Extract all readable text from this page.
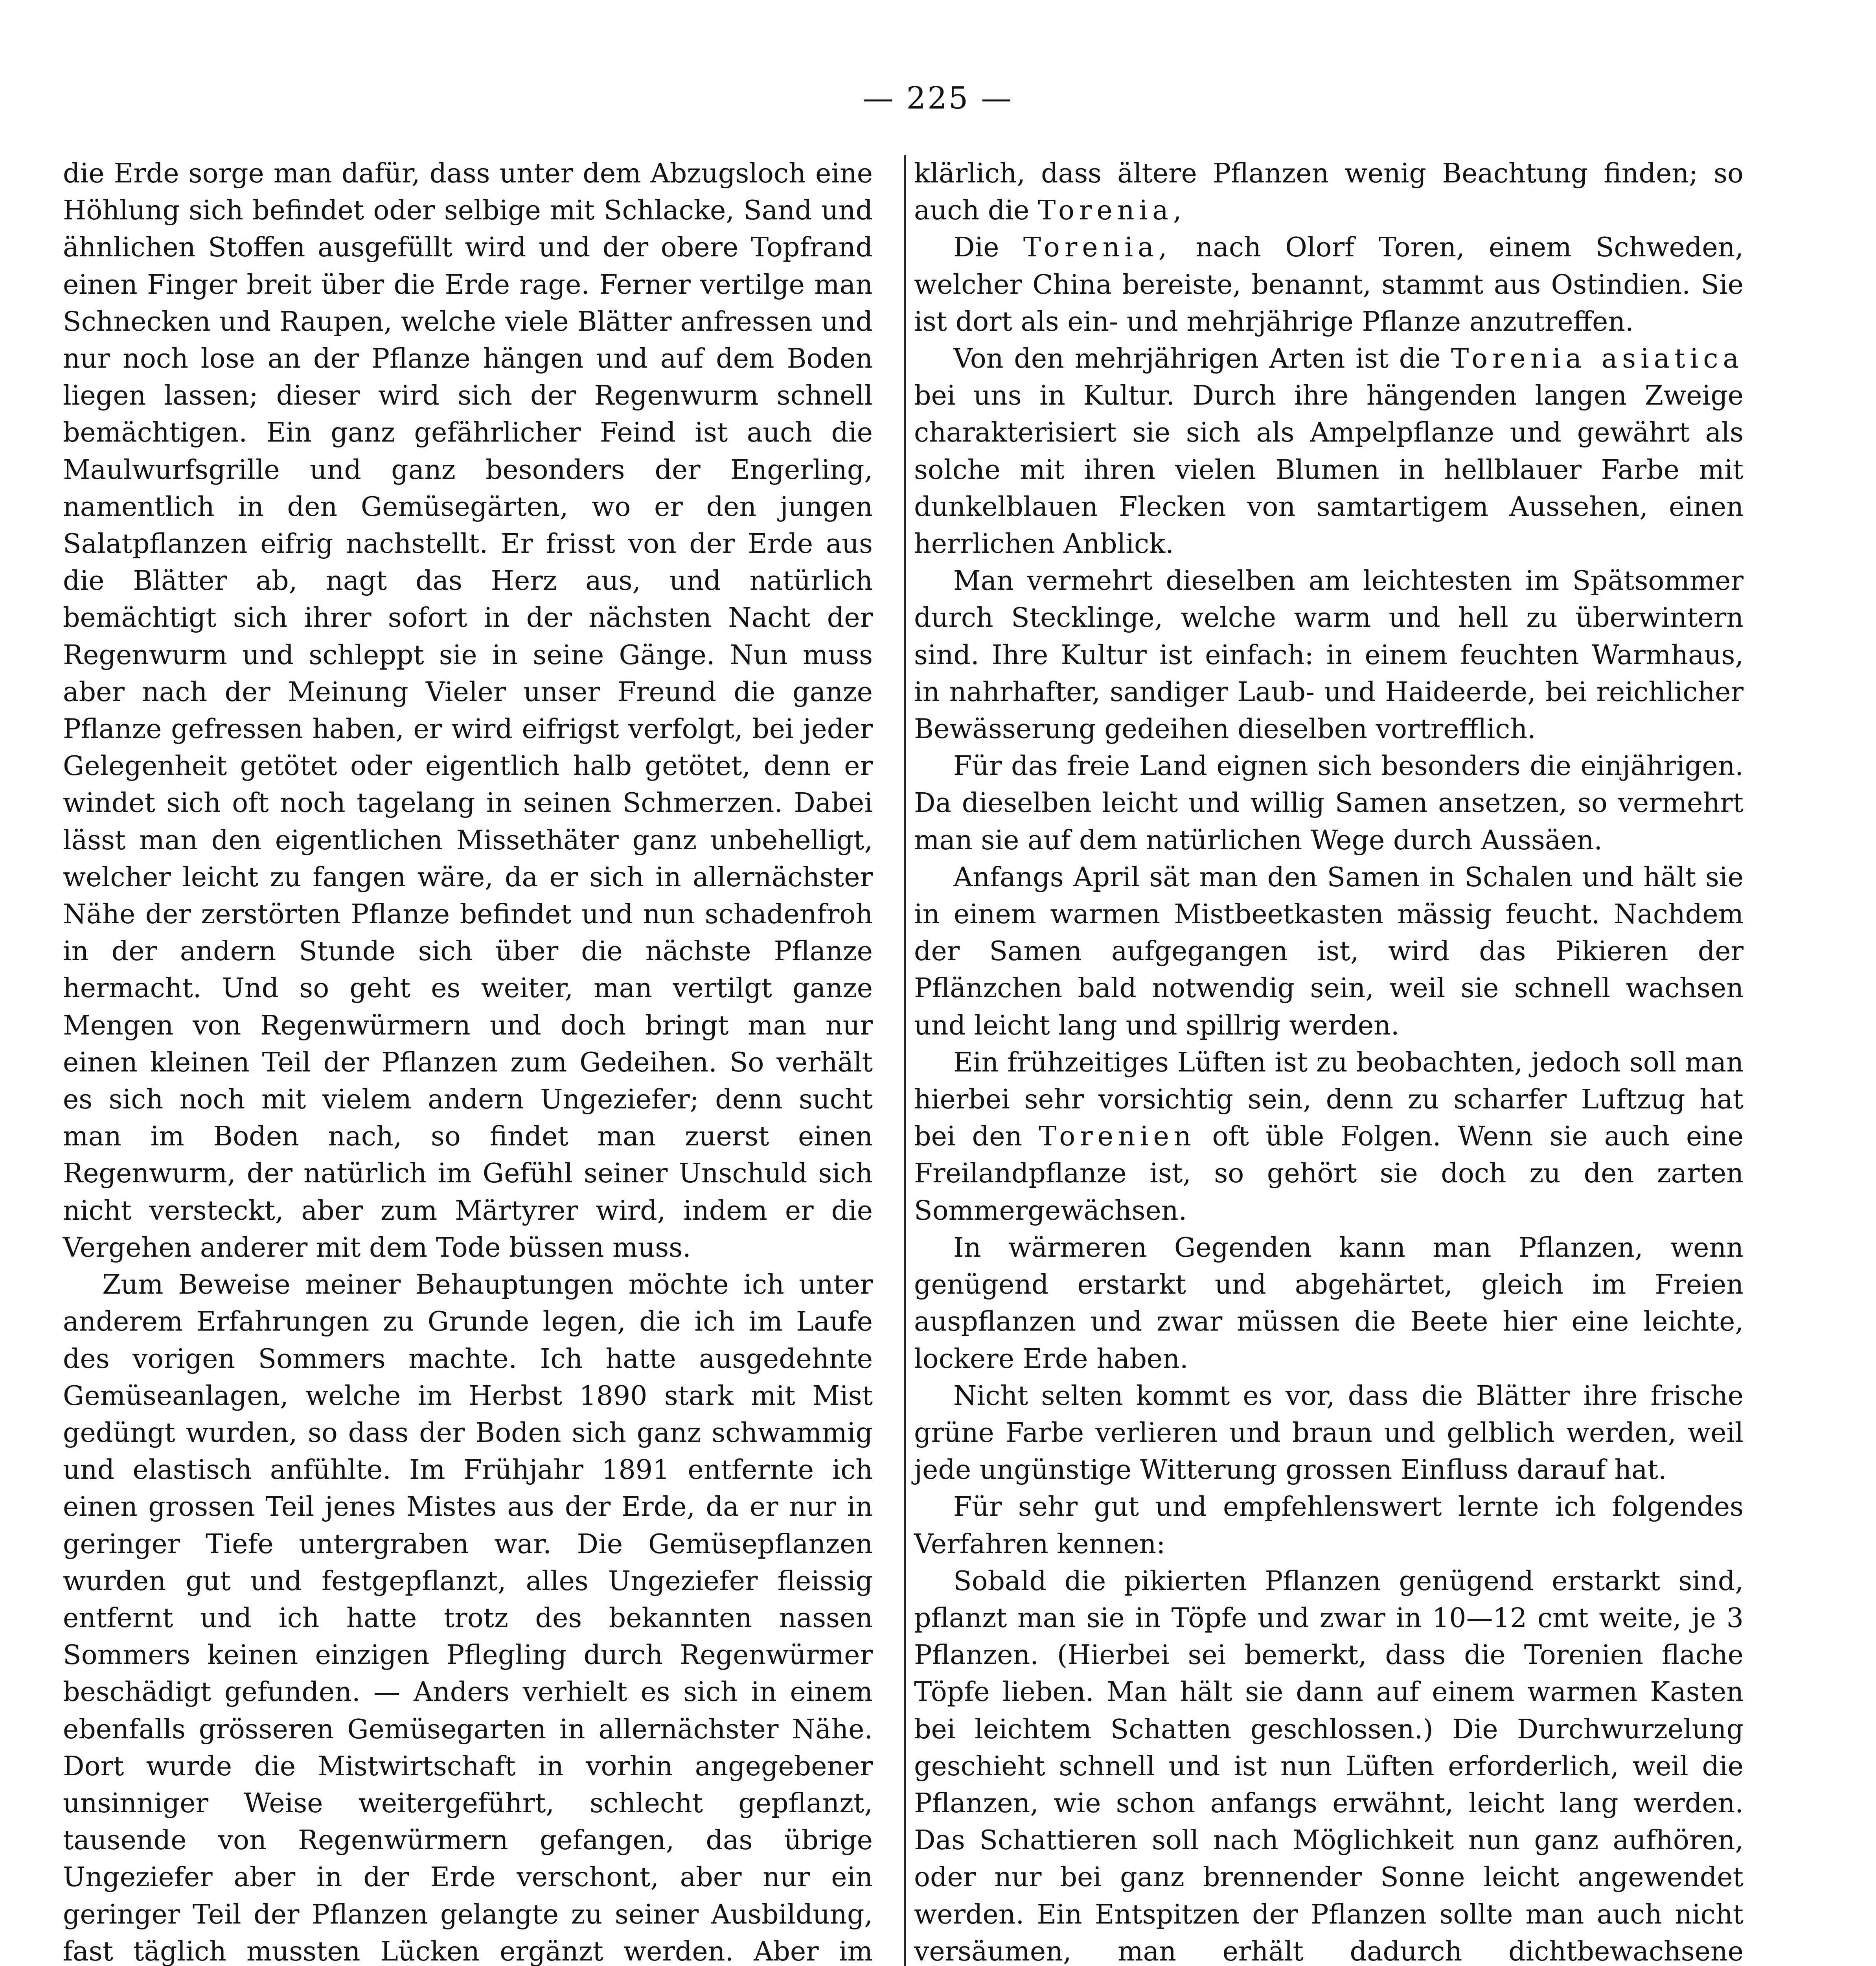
— 225 —

die Erde sorge man dafür, dass unter dem Abzugsloch eine Höhlung sich befindet oder selbige mit Schlacke, Sand und ähnlichen Stoffen ausgefüllt wird und der obere Topfrand einen Finger breit über die Erde rage. Ferner vertilge man Schnecken und Raupen, welche viele Blätter anfressen und nur noch lose an der Pflanze hängen und auf dem Boden liegen lassen; dieser wird sich der Regenwurm schnell bemächtigen. Ein ganz gefährlicher Feind ist auch die Maulwurfsgrille und ganz besonders der Engerling, namentlich in den Gemüsegärten, wo er den jungen Salatpflanzen eifrig nachstellt. Er frisst von der Erde aus die Blätter ab, nagt das Herz aus, und natürlich bemächtigt sich ihrer sofort in der nächsten Nacht der Regenwurm und schleppt sie in seine Gänge. Nun muss aber nach der Meinung Vieler unser Freund die ganze Pflanze gefressen haben, er wird eifrigst verfolgt, bei jeder Gelegenheit getötet oder eigentlich halb getötet, denn er windet sich oft noch tagelang in seinen Schmerzen. Dabei lässt man den eigentlichen Missethäter ganz unbehelligt, welcher leicht zu fangen wäre, da er sich in allernächster Nähe der zerstörten Pflanze befindet und nun schadenfroh in der andern Stunde sich über die nächste Pflanze hermacht. Und so geht es weiter, man vertilgt ganze Mengen von Regenwürmern und doch bringt man nur einen kleinen Teil der Pflanzen zum Gedeihen. So verhält es sich noch mit vielem andern Ungeziefer; denn sucht man im Boden nach, so findet man zuerst einen Regenwurm, der natürlich im Gefühl seiner Unschuld sich nicht versteckt, aber zum Märtyrer wird, indem er die Vergehen anderer mit dem Tode büssen muss.

Zum Beweise meiner Behauptungen möchte ich unter anderem Erfahrungen zu Grunde legen, die ich im Laufe des vorigen Sommers machte. Ich hatte ausgedehnte Gemüseanlagen, welche im Herbst 1890 stark mit Mist gedüngt wurden, so dass der Boden sich ganz schwammig und elastisch anfühlte. Im Frühjahr 1891 entfernte ich einen grossen Teil jenes Mistes aus der Erde, da er nur in geringer Tiefe untergraben war. Die Gemüsepflanzen wurden gut und festgepflanzt, alles Ungeziefer fleissig entfernt und ich hatte trotz des bekannten nassen Sommers keinen einzigen Pflegling durch Regenwürmer beschädigt gefunden. — Anders verhielt es sich in einem ebenfalls grösseren Gemüsegarten in allernächster Nähe. Dort wurde die Mistwirtschaft in vorhin angegebener unsinniger Weise weitergeführt, schlecht gepflanzt, tausende von Regenwürmern gefangen, das übrige Ungeziefer aber in der Erde verschont, aber nur ein geringer Teil der Pflanzen gelangte zu seiner Ausbildung, fast täglich mussten Lücken ergänzt werden. Aber im

klärlich, dass ältere Pflanzen wenig Beachtung finden; so auch die Torenia,

Die Torenia, nach Olorf Toren, einem Schweden, welcher China bereiste, benannt, stammt aus Ostindien. Sie ist dort als ein- und mehrjährige Pflanze anzutreffen.

Von den mehrjährigen Arten ist die Torenia asiatica bei uns in Kultur. Durch ihre hängenden langen Zweige charakterisiert sie sich als Ampelpflanze und gewährt als solche mit ihren vielen Blumen in hellblauer Farbe mit dunkelblauen Flecken von samtartigem Aussehen, einen herrlichen Anblick.

Man vermehrt dieselben am leichtesten im Spätsommer durch Stecklinge, welche warm und hell zu überwintern sind. Ihre Kultur ist einfach: in einem feuchten Warmhaus, in nahrhafter, sandiger Laub- und Haideerde, bei reichlicher Bewässerung gedeihen dieselben vortrefflich.

Für das freie Land eignen sich besonders die einjährigen. Da dieselben leicht und willig Samen ansetzen, so vermehrt man sie auf dem natürlichen Wege durch Aussäen.

Anfangs April sät man den Samen in Schalen und hält sie in einem warmen Mistbeetkasten mässig feucht. Nachdem der Samen aufgegangen ist, wird das Pikieren der Pflänzchen bald notwendig sein, weil sie schnell wachsen und leicht lang und spillrig werden.

Ein frühzeitiges Lüften ist zu beobachten, jedoch soll man hierbei sehr vorsichtig sein, denn zu scharfer Luftzug hat bei den Torenien oft üble Folgen. Wenn sie auch eine Freilandpflanze ist, so gehört sie doch zu den zarten Sommergewächsen.

In wärmeren Gegenden kann man Pflanzen, wenn genügend erstarkt und abgehärtet, gleich im Freien auspflanzen und zwar müssen die Beete hier eine leichte, lockere Erde haben.

Nicht selten kommt es vor, dass die Blätter ihre frische grüne Farbe verlieren und braun und gelblich werden, weil jede ungünstige Witterung grossen Einfluss darauf hat.

Für sehr gut und empfehlenswert lernte ich folgendes Verfahren kennen:

Sobald die pikierten Pflanzen genügend erstarkt sind, pflanzt man sie in Töpfe und zwar in 10—12 cmt weite, je 3 Pflanzen. (Hierbei sei bemerkt, dass die Torenien flache Töpfe lieben. Man hält sie dann auf einem warmen Kasten bei leichtem Schatten geschlossen.) Die Durchwurzelung geschieht schnell und ist nun Lüften erforderlich, weil die Pflanzen, wie schon anfangs erwähnt, leicht lang werden. Das Schattieren soll nach Möglichkeit nun ganz aufhören, oder nur bei ganz brennender Sonne leicht angewendet werden. Ein Entspitzen der Pflanzen sollte man auch nicht versäumen, man erhält dadurch dichtbewachsene
